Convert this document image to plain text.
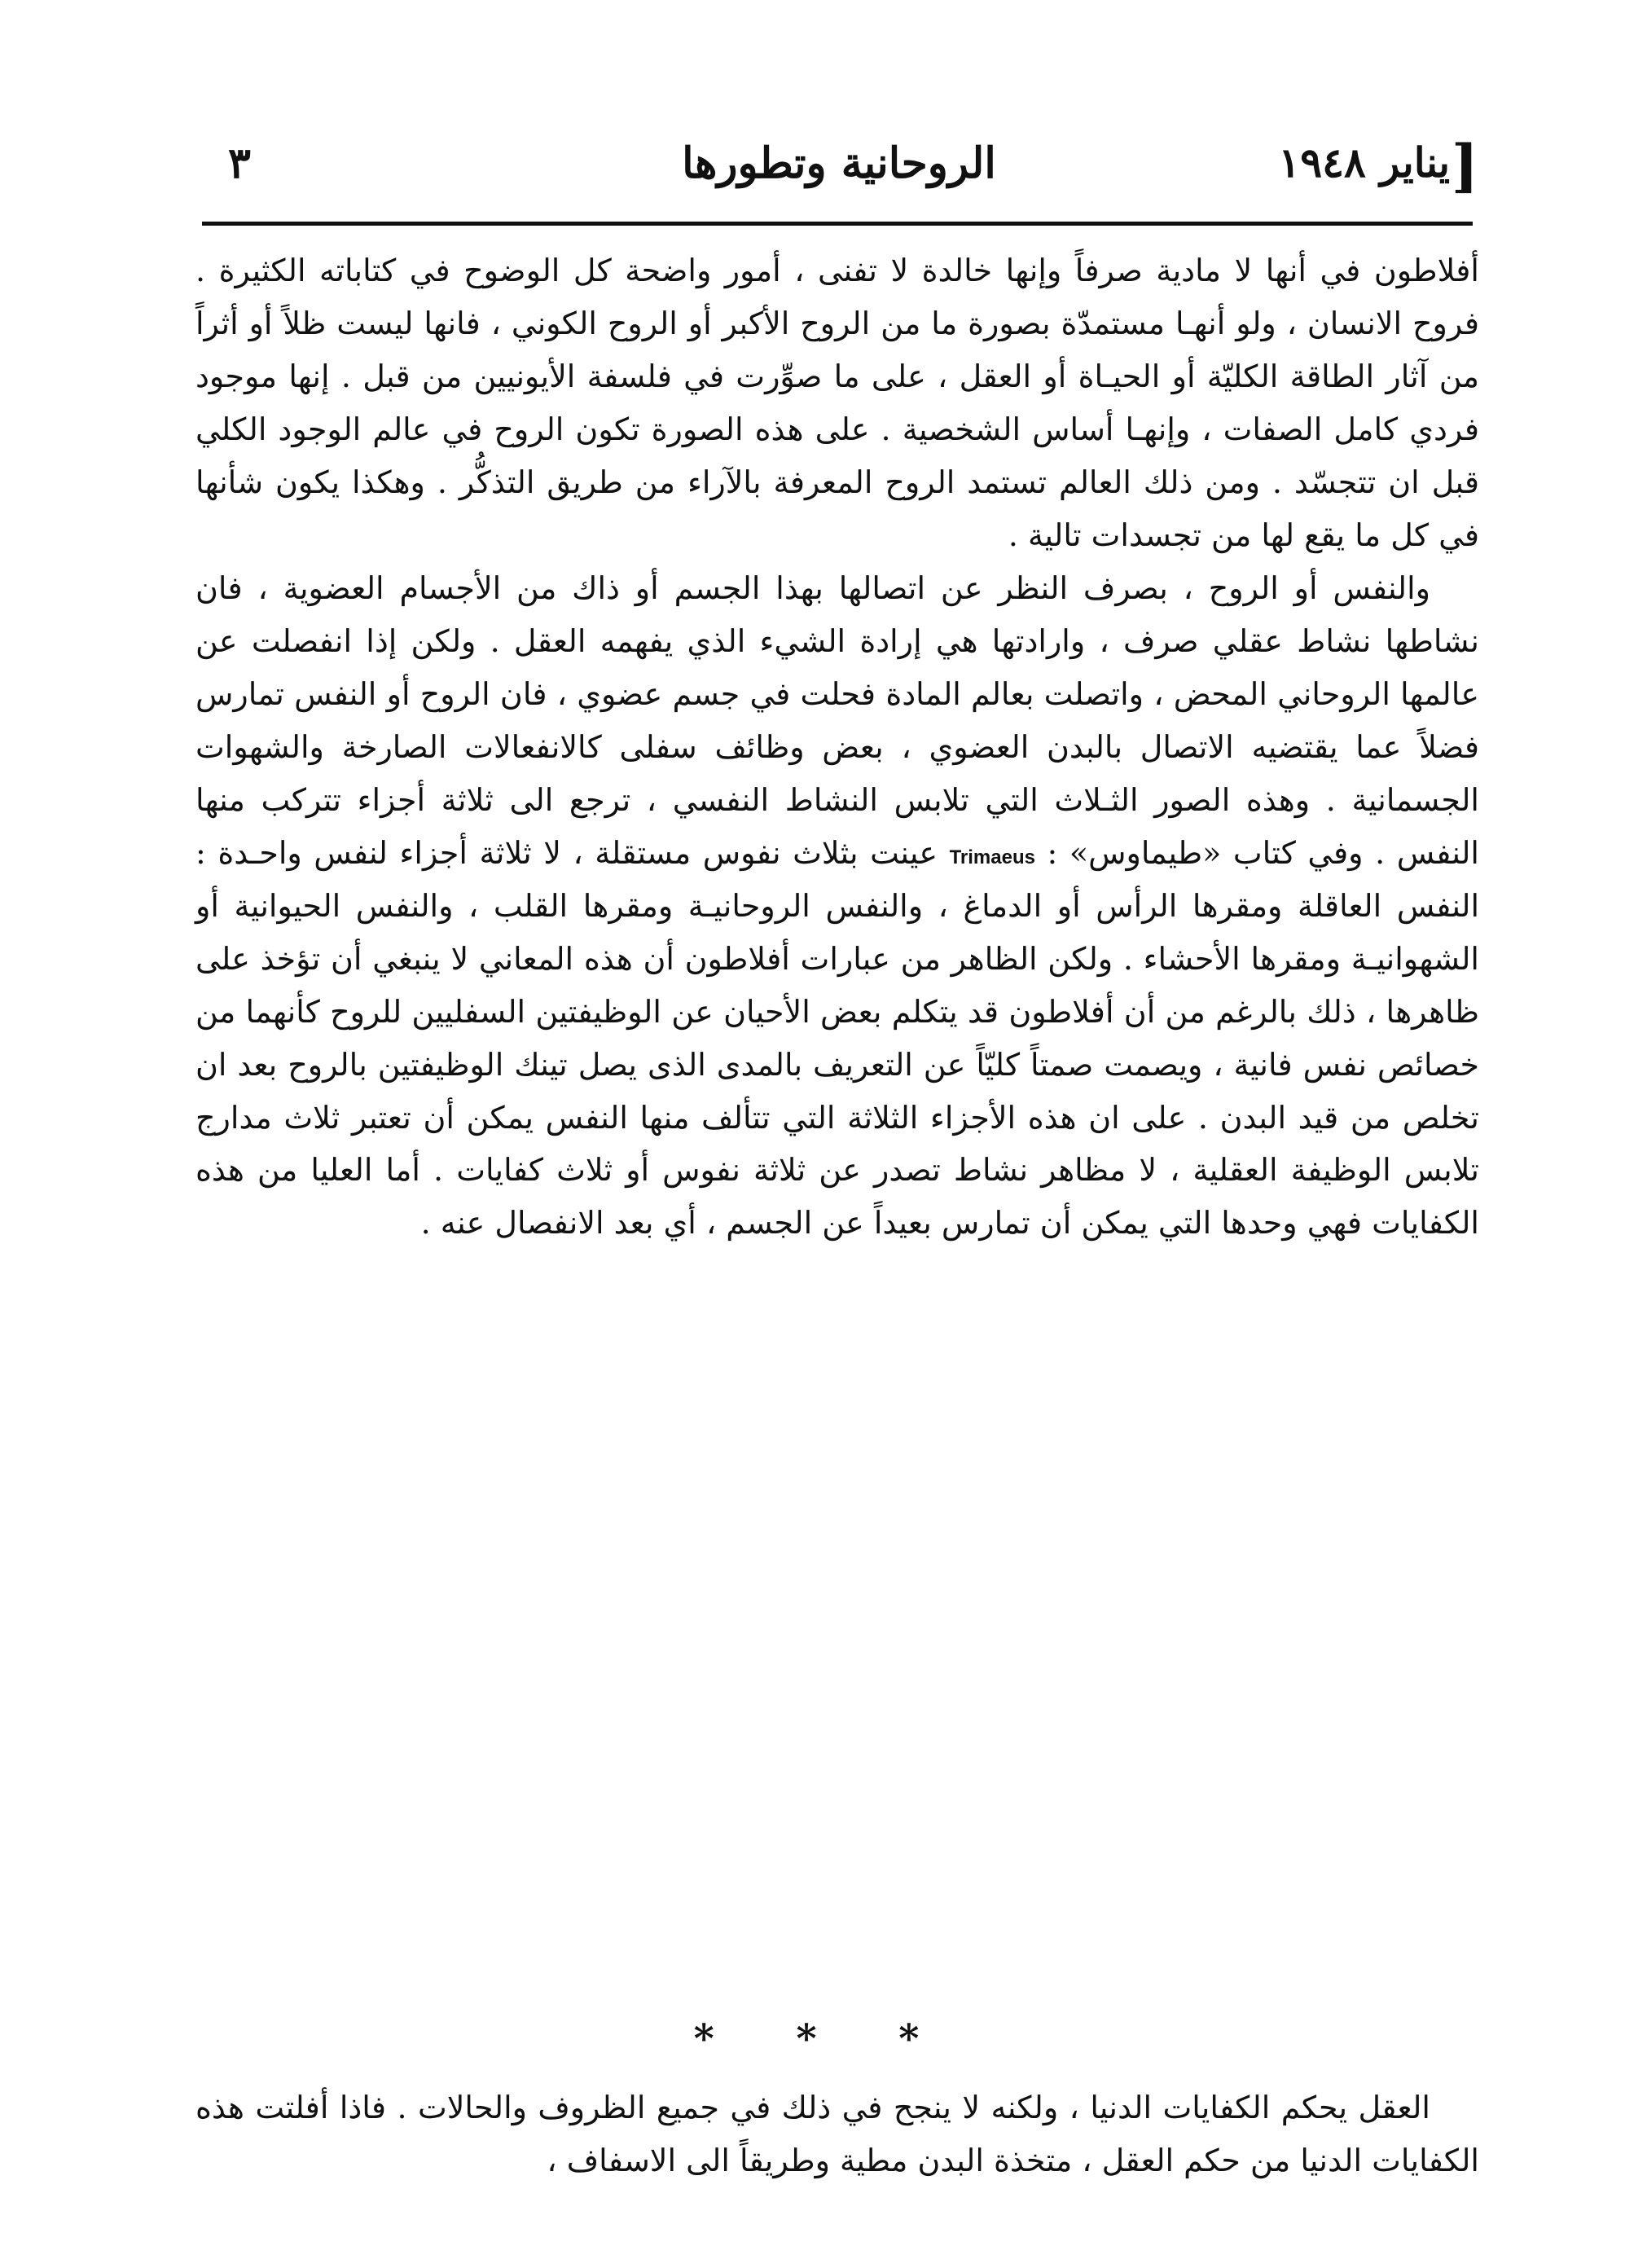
[
يناير ١٩٤٨
الروحانية وتطورها
٣

أفلاطون في أنها لا مادية صرفاً وإنها خالدة لا تفنى ، أمور واضحة كل الوضوح في كتاباته الكثيرة . فروح الانسان ، ولو أنهـا مستمدّة بصورة ما من الروح الأكبر أو الروح الكوني ، فانها ليست ظلاً أو أثراً من آثار الطاقة الكليّة أو الحيـاة أو العقل ، على ما صوِّرت في فلسفة الأيونيين من قبل . إنها موجود فردي كامل الصفات ، وإنهـا أساس الشخصية . على هذه الصورة تكون الروح في عالم الوجود الكلي قبل ان تتجسّد . ومن ذلك العالم تستمد الروح المعرفة بالآراء من طريق التذكُّر . وهكذا يكون شأنها في كل ما يقع لها من تجسدات تالية .

والنفس أو الروح ، بصرف النظر عن اتصالها بهذا الجسم أو ذاك من الأجسام العضوية ، فان نشاطها نشاط عقلي صرف ، وارادتها هي إرادة الشيء الذي يفهمه العقل . ولكن إذا انفصلت عن عالمها الروحاني المحض ، واتصلت بعالم المادة فحلت في جسم عضوي ، فان الروح أو النفس تمارس فضلاً عما يقتضيه الاتصال بالبدن العضوي ، بعض وظائف سفلى كالانفعالات الصارخة والشهوات الجسمانية . وهذه الصور الثـلاث التي تلابس النشاط النفسي ، ترجع الى ثلاثة أجزاء تتركب منها النفس . وفي كتاب «طيماوس» : Trimaeus عينت بثلاث نفوس مستقلة ، لا ثلاثة أجزاء لنفس واحـدة : النفس العاقلة ومقرها الرأس أو الدماغ ، والنفس الروحانيـة ومقرها القلب ، والنفس الحيوانية أو الشهوانيـة ومقرها الأحشاء . ولكن الظاهر من عبارات أفلاطون أن هذه المعاني لا ينبغي أن تؤخذ على ظاهرها ، ذلك بالرغم من أن أفلاطون قد يتكلم بعض الأحيان عن الوظيفتين السفليين للروح كأنهما من خصائص نفس فانية ، ويصمت صمتاً كليّاً عن التعريف بالمدى الذى يصل تينك الوظيفتين بالروح بعد ان تخلص من قيد البدن . على ان هذه الأجزاء الثلاثة التي تتألف منها النفس يمكن أن تعتبر ثلاث مدارج تلابس الوظيفة العقلية ، لا مظاهر نشاط تصدر عن ثلاثة نفوس أو ثلاث كفايات . أما العليا من هذه الكفايات فهي وحدها التي يمكن أن تمارس بعيداً عن الجسم ، أي بعد الانفصال عنه .

* * *

العقل يحكم الكفايات الدنيا ، ولكنه لا ينجح في ذلك في جميع الظروف والحالات . فاذا أفلتت هذه الكفايات الدنيا من حكم العقل ، متخذة البدن مطية وطريقاً الى الاسفاف ،
